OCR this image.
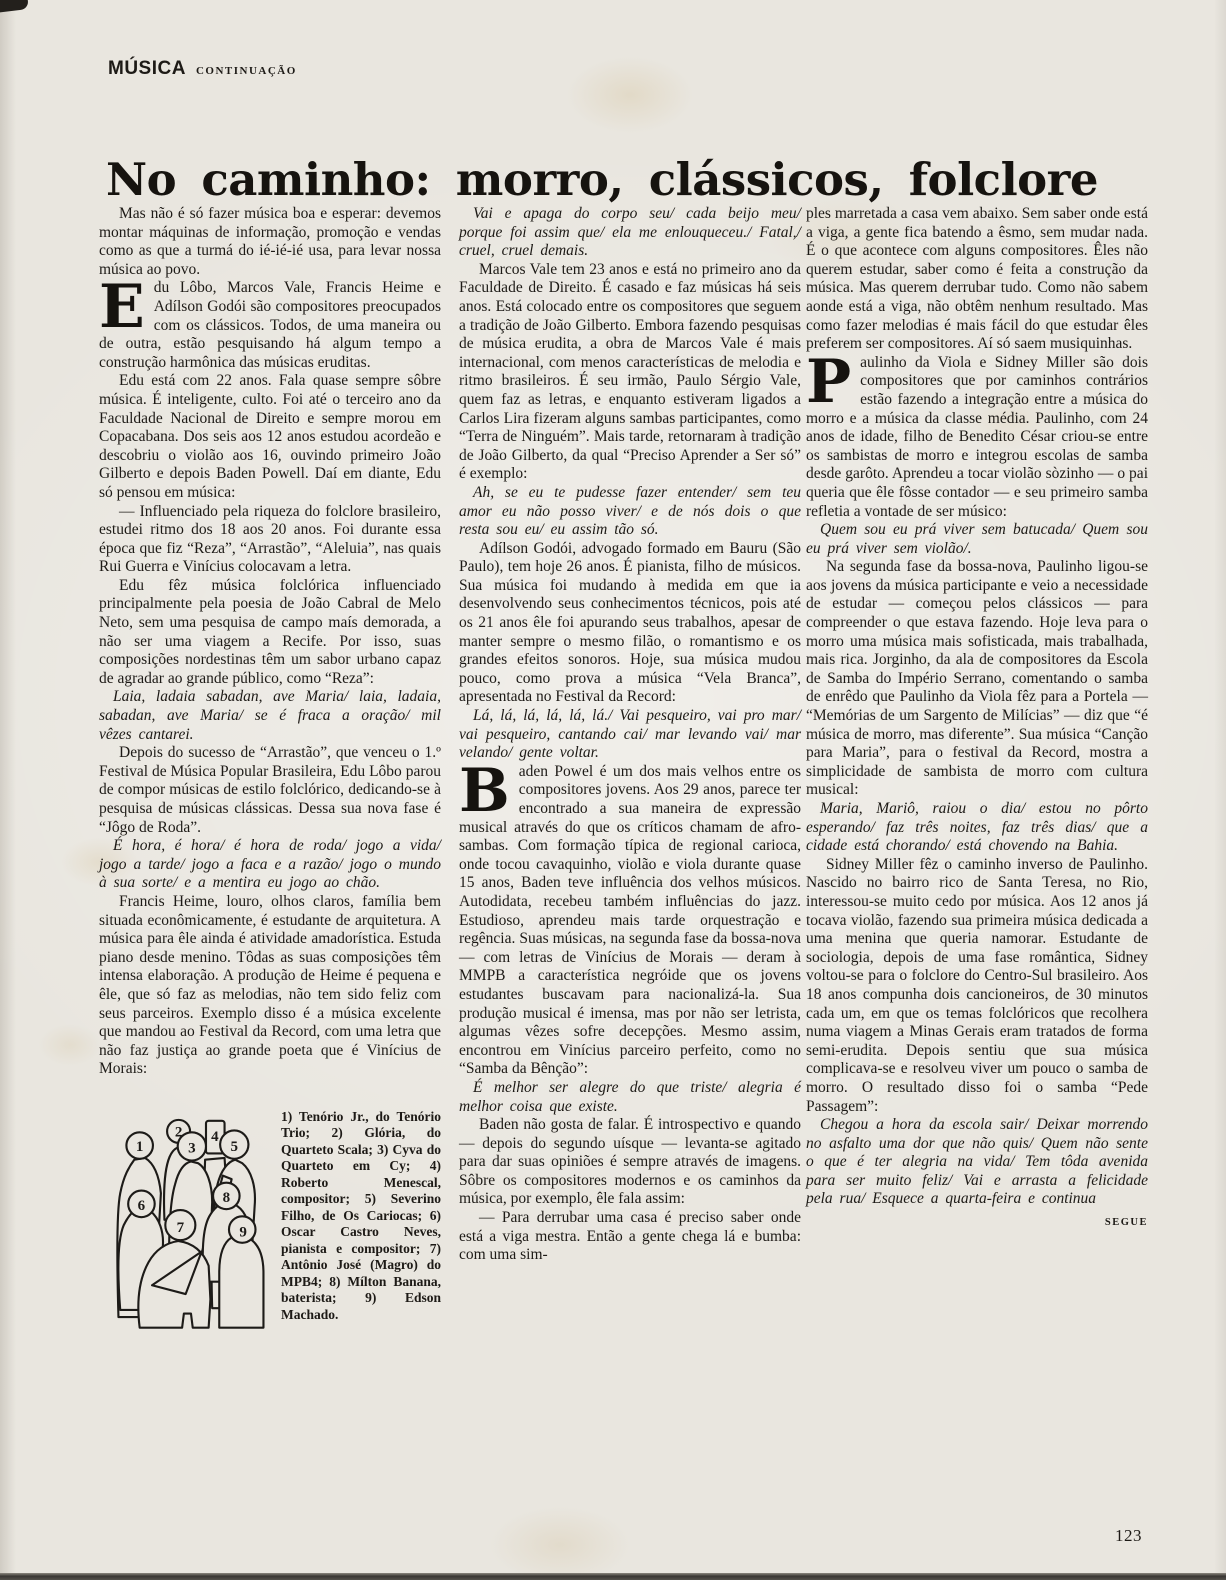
MÚSICA CONTINUAÇÃO
No caminho: morro, clássicos, folclore

Mas não é só fazer música boa e esperar: devemos montar máquinas de informação, promoção e vendas como as que a turmá do ié-ié-ié usa, para levar nossa música ao povo.

Edu Lôbo, Marcos Vale, Francis Heime e Adílson Godói são compositores preocupados com os clássicos. Todos, de uma maneira ou de outra, estão pesquisando há algum tempo a construção harmônica das músicas eruditas.

Edu está com 22 anos. Fala quase sempre sôbre música. É inteligente, culto. Foi até o terceiro ano da Faculdade Nacional de Direito e sempre morou em Copacabana. Dos seis aos 12 anos estudou acordeão e descobriu o violão aos 16, ouvindo primeiro João Gilberto e depois Baden Powell. Daí em diante, Edu só pensou em música:

— Influenciado pela riqueza do folclore brasileiro, estudei ritmo dos 18 aos 20 anos. Foi durante essa época que fiz “Reza”, “Arrastão”, “Aleluia”, nas quais Rui Guerra e Vinícius colocavam a letra.

Edu fêz música folclórica influenciado principalmente pela poesia de João Cabral de Melo Neto, sem uma pesquisa de campo maís demorada, a não ser uma viagem a Recife. Por isso, suas composições nordestinas têm um sabor urbano capaz de agradar ao grande público, como “Reza”:

Laia, ladaia sabadan, ave Maria/ laia, ladaia, sabadan, ave Maria/ se é fraca a oração/ mil vêzes cantarei.

Depois do sucesso de “Arrastão”, que venceu o 1.º Festival de Música Popular Brasileira, Edu Lôbo parou de compor músicas de estilo folclórico, dedicando-se à pesquisa de músicas clássicas. Dessa sua nova fase é “Jôgo de Roda”.

É hora, é hora/ é hora de roda/ jogo a vida/ jogo a tarde/ jogo a faca e a razão/ jogo o mundo à sua sorte/ e a mentira eu jogo ao chão.

Francis Heime, louro, olhos claros, família bem situada econômicamente, é estudante de arquitetura. A música para êle ainda é atividade amadorística. Estuda piano desde menino. Tôdas as suas composições têm intensa elaboração. A produção de Heime é pequena e êle, que só faz as melodias, não tem sido feliz com seus parceiros. Exemplo disso é a música excelente que mandou ao Festival da Record, com uma letra que não faz justiça ao grande poeta que é Vinícius de Morais:

1
2
3
4
5
6
7
8
9
1) Tenório Jr., do Tenório Trio; 2) Glória, do Quarteto Scala; 3) Cyva do Quarteto em Cy; 4) Roberto Menescal, compositor; 5) Severino Filho, de Os Cariocas; 6) Oscar Castro Neves, pianista e compositor; 7) Antônio José (Magro) do MPB4; 8) Mílton Banana, baterista; 9) Edson Machado.

Vai e apaga do corpo seu/ cada beijo meu/ porque foi assim que/ ela me enlouqueceu./ Fatal,/ cruel, cruel demais.

Marcos Vale tem 23 anos e está no primeiro ano da Faculdade de Direito. É casado e faz músicas há seis anos. Está colocado entre os compositores que seguem a tradição de João Gilberto. Embora fazendo pesquisas de música erudita, a obra de Marcos Vale é mais internacional, com menos características de melodia e ritmo brasileiros. É seu irmão, Paulo Sérgio Vale, quem faz as letras, e enquanto estiveram ligados a Carlos Lira fizeram alguns sambas participantes, como “Terra de Ninguém”. Mais tarde, retornaram à tradição de João Gilberto, da qual “Preciso Aprender a Ser só” é exemplo:

Ah, se eu te pudesse fazer entender/ sem teu amor eu não posso viver/ e de nós dois o que resta sou eu/ eu assim tão só.

Adílson Godói, advogado formado em Bauru (São Paulo), tem hoje 26 anos. É pianista, filho de músicos. Sua música foi mudando à medida em que ia desenvolvendo seus conhecimentos técnicos, pois até os 21 anos êle foi apurando seus trabalhos, apesar de manter sempre o mesmo filão, o romantismo e os grandes efeitos sonoros. Hoje, sua música mudou pouco, como prova a música “Vela Branca”, apresentada no Festival da Record:

Lá, lá, lá, lá, lá, lá./ Vai pesqueiro, vai pro mar/ vai pesqueiro, cantando cai/ mar levando vai/ mar velando/ gente voltar.

Baden Powel é um dos mais velhos entre os compositores jovens. Aos 29 anos, parece ter encontrado a sua maneira de expressão musical através do que os críticos chamam de afro-sambas. Com formação típica de regional carioca, onde tocou cavaquinho, violão e viola durante quase 15 anos, Baden teve influência dos velhos músicos. Autodidata, recebeu também influências do jazz. Estudioso, aprendeu mais tarde orquestração e regência. Suas músicas, na segunda fase da bossa-nova — com letras de Vinícius de Morais — deram à MMPB a característica negróide que os jovens estudantes buscavam para nacionalizá-la. Sua produção musical é imensa, mas por não ser letrista, algumas vêzes sofre decepções. Mesmo assim, encontrou em Vinícius parceiro perfeito, como no “Samba da Bênção”:

É melhor ser alegre do que triste/ alegria é melhor coisa que existe.

Baden não gosta de falar. É introspectivo e quando — depois do segundo uísque — levanta-se agitado para dar suas opiniões é sempre através de imagens. Sôbre os compositores modernos e os caminhos da música, por exemplo, êle fala assim:

— Para derrubar uma casa é preciso saber onde está a viga mestra. Então a gente chega lá e bumba: com uma sim-

ples marretada a casa vem abaixo. Sem saber onde está a viga, a gente fica batendo a êsmo, sem mudar nada. É o que acontece com alguns compositores. Êles não querem estudar, saber como é feita a construção da música. Mas querem derrubar tudo. Como não sabem aonde está a viga, não obtêm nenhum resultado. Mas como fazer melodias é mais fácil do que estudar êles preferem ser compositores. Aí só saem musiquinhas.

Paulinho da Viola e Sidney Miller são dois compositores que por caminhos contrários estão fazendo a integração entre a música do morro e a música da classe média. Paulinho, com 24 anos de idade, filho de Benedito César criou-se entre os sambistas de morro e integrou escolas de samba desde garôto. Aprendeu a tocar violão sòzinho — o pai queria que êle fôsse contador — e seu primeiro samba refletia a vontade de ser músico:

Quem sou eu prá viver sem batucada/ Quem sou eu prá viver sem violão/.

Na segunda fase da bossa-nova, Paulinho ligou-se aos jovens da música participante e veio a necessidade de estudar — começou pelos clássicos — para compreender o que estava fazendo. Hoje leva para o morro uma música mais sofisticada, mais trabalhada, mais rica. Jorginho, da ala de compositores da Escola de Samba do Império Serrano, comentando o samba de enrêdo que Paulinho da Viola fêz para a Portela — “Memórias de um Sargento de Milícias” — diz que “é música de morro, mas diferente”. Sua música “Canção para Maria”, para o festival da Record, mostra a simplicidade de sambista de morro com cultura musical:

Maria, Mariô, raiou o dia/ estou no pôrto esperando/ faz três noites, faz três dias/ que a cidade está chorando/ está chovendo na Bahia.

Sidney Miller fêz o caminho inverso de Paulinho. Nascido no bairro rico de Santa Teresa, no Rio, interessou-se muito cedo por música. Aos 12 anos já tocava violão, fazendo sua primeira música dedicada a uma menina que queria namorar. Estudante de sociologia, depois de uma fase romântica, Sidney voltou-se para o folclore do Centro-Sul brasileiro. Aos 18 anos compunha dois cancioneiros, de 30 minutos cada um, em que os temas folclóricos que recolhera numa viagem a Minas Gerais eram tratados de forma semi-erudita. Depois sentiu que sua música complicava-se e resolveu viver um pouco o samba de morro. O resultado disso foi o samba “Pede Passagem”:

Chegou a hora da escola sair/ Deixar morrendo no asfalto uma dor que não quis/ Quem não sente o que é ter alegria na vida/ Tem tôda avenida para ser muito feliz/ Vai e arrasta a felicidade pela rua/ Esquece a quarta-feira e continua
SEGUE

123
